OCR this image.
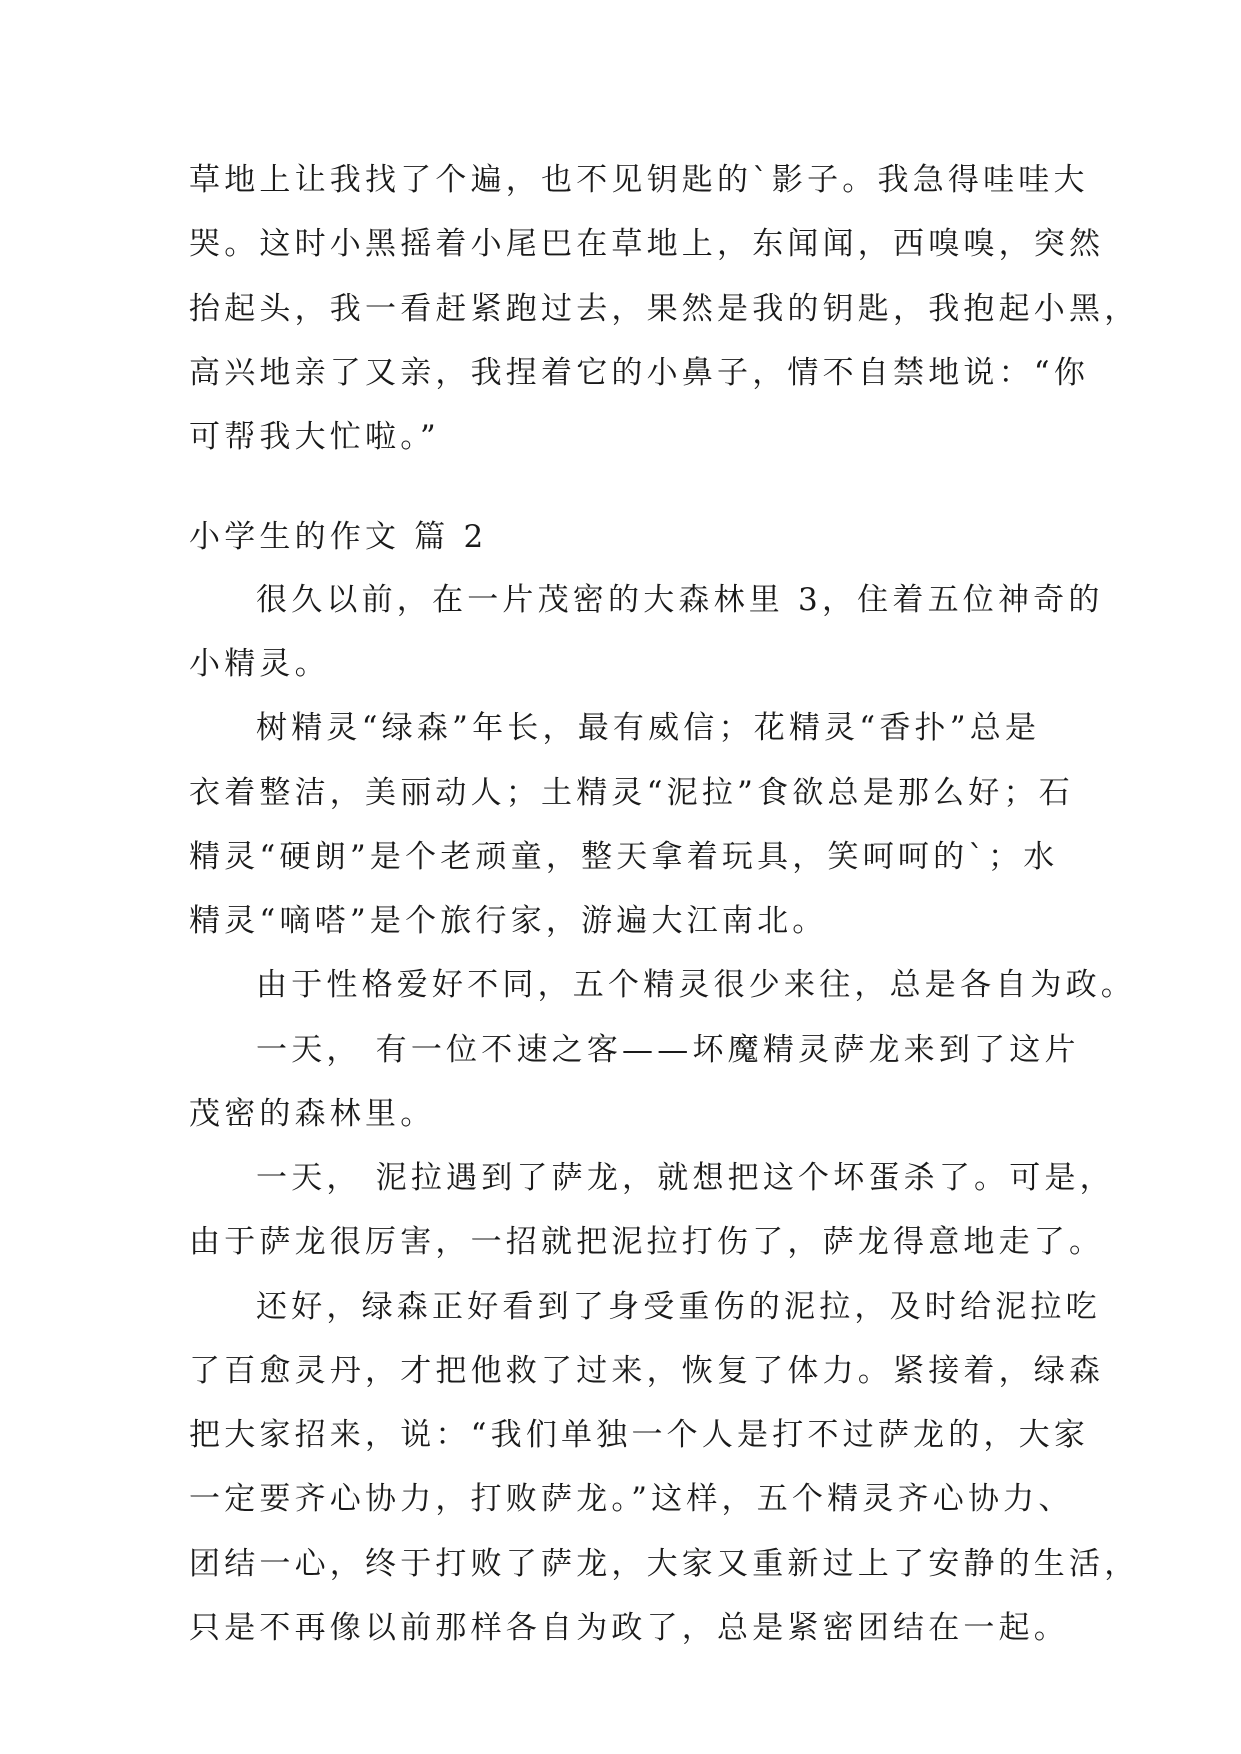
草地上让我找了个遍，也不见钥匙的`影子。我急得哇哇大
哭。这时小黑摇着小尾巴在草地上，东闻闻，西嗅嗅，突然
抬起头，我一看赶紧跑过去，果然是我的钥匙，我抱起小黑，
高兴地亲了又亲，我捏着它的小鼻子，情不自禁地说：“你
可帮我大忙啦。”
小学生的作文 篇 2
很久以前，在一片茂密的大森林里 3，住着五位神奇的
小精灵。
树精灵“绿森”年长，最有威信；花精灵“香扑”总是
衣着整洁，美丽动人；土精灵“泥拉”食欲总是那么好；石
精灵“硬朗”是个老顽童，整天拿着玩具，笑呵呵的`；水
精灵“嘀嗒”是个旅行家，游遍大江南北。
由于性格爱好不同，五个精灵很少来往，总是各自为政。
一天， 有一位不速之客——坏魔精灵萨龙来到了这片
茂密的森林里。
一天， 泥拉遇到了萨龙，就想把这个坏蛋杀了。可是，
由于萨龙很厉害，一招就把泥拉打伤了，萨龙得意地走了。
还好，绿森正好看到了身受重伤的泥拉，及时给泥拉吃
了百愈灵丹，才把他救了过来，恢复了体力。紧接着，绿森
把大家招来，说：“我们单独一个人是打不过萨龙的，大家
一定要齐心协力，打败萨龙。”这样，五个精灵齐心协力、
团结一心，终于打败了萨龙，大家又重新过上了安静的生活，
只是不再像以前那样各自为政了，总是紧密团结在一起。
